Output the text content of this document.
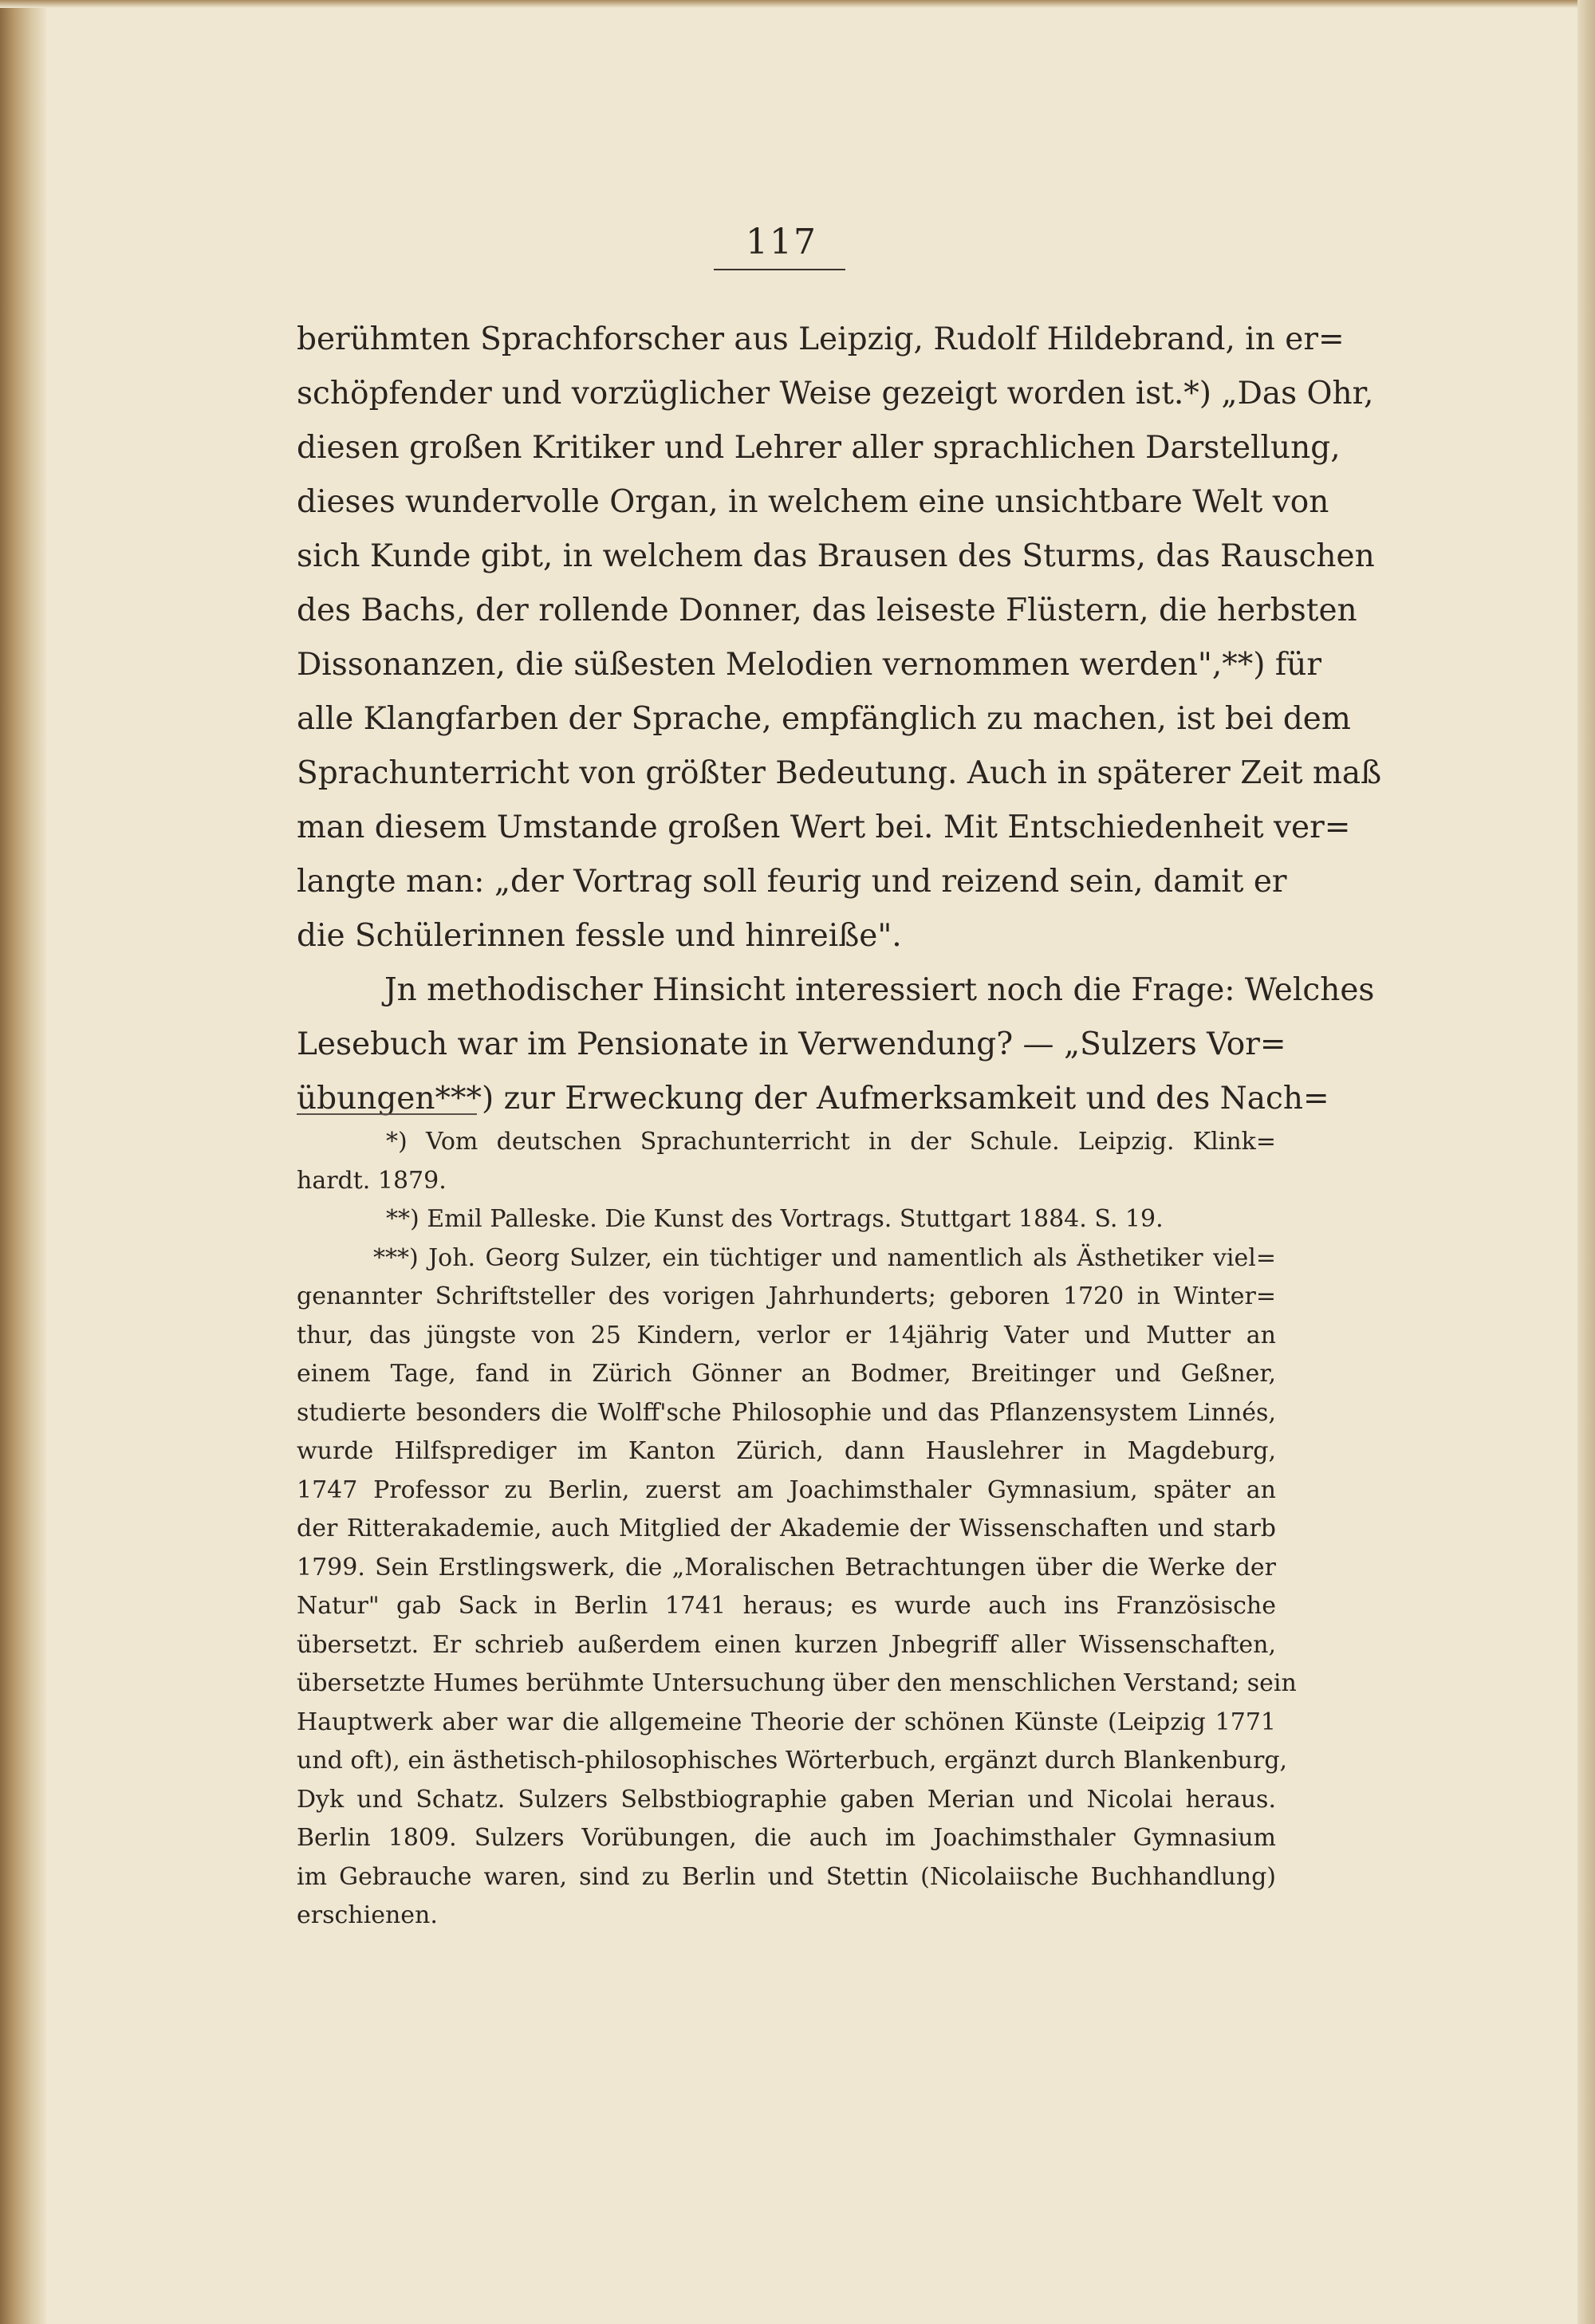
117
berühmten Sprachforscher aus Leipzig, Rudolf Hildebrand, in er=
schöpfender und vorzüglicher Weise gezeigt worden ist.*) „Das Ohr,
diesen großen Kritiker und Lehrer aller sprachlichen Darstellung,
dieses wundervolle Organ, in welchem eine unsichtbare Welt von
sich Kunde gibt, in welchem das Brausen des Sturms, das Rauschen
des Bachs, der rollende Donner, das leiseste Flüstern, die herbsten
Dissonanzen, die süßesten Melodien vernommen werden",**) für
alle Klangfarben der Sprache, empfänglich zu machen, ist bei dem
Sprachunterricht von größter Bedeutung. Auch in späterer Zeit maß
man diesem Umstande großen Wert bei. Mit Entschiedenheit ver=
langte man: „der Vortrag soll feurig und reizend sein, damit er
die Schülerinnen fessle und hinreiße".
Jn methodischer Hinsicht interessiert noch die Frage: Welches
Lesebuch war im Pensionate in Verwendung? — „Sulzers Vor=
übungen***) zur Erweckung der Aufmerksamkeit und des Nach=
*) Vom deutschen Sprachunterricht in der Schule. Leipzig. Klink=
hardt. 1879.
**) Emil Palleske. Die Kunst des Vortrags. Stuttgart 1884. S. 19.
***) Joh. Georg Sulzer, ein tüchtiger und namentlich als Ästhetiker viel=
genannter Schriftsteller des vorigen Jahrhunderts; geboren 1720 in Winter=
thur, das jüngste von 25 Kindern, verlor er 14jährig Vater und Mutter an
einem Tage, fand in Zürich Gönner an Bodmer, Breitinger und Geßner,
studierte besonders die Wolff'sche Philosophie und das Pflanzensystem Linnés,
wurde Hilfsprediger im Kanton Zürich, dann Hauslehrer in Magdeburg,
1747 Professor zu Berlin, zuerst am Joachimsthaler Gymnasium, später an
der Ritterakademie, auch Mitglied der Akademie der Wissenschaften und starb
1799. Sein Erstlingswerk, die „Moralischen Betrachtungen über die Werke der
Natur" gab Sack in Berlin 1741 heraus; es wurde auch ins Französische
übersetzt. Er schrieb außerdem einen kurzen Jnbegriff aller Wissenschaften,
übersetzte Humes berühmte Untersuchung über den menschlichen Verstand; sein
Hauptwerk aber war die allgemeine Theorie der schönen Künste (Leipzig 1771
und oft), ein ästhetisch-philosophisches Wörterbuch, ergänzt durch Blankenburg,
Dyk und Schatz. Sulzers Selbstbiographie gaben Merian und Nicolai heraus.
Berlin 1809. Sulzers Vorübungen, die auch im Joachimsthaler Gymnasium
im Gebrauche waren, sind zu Berlin und Stettin (Nicolaiische Buchhandlung)
erschienen.
